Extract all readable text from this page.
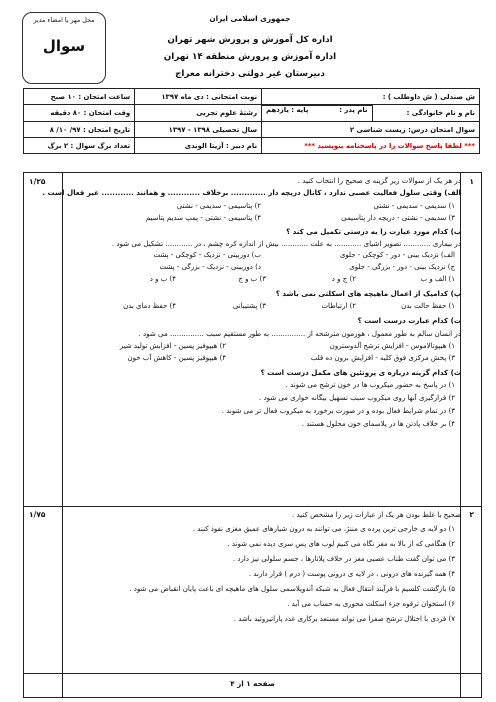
جمهوری اسلامی ایران
اداره کل آموزش و پرورش شهر تهران
اداره آموزش و پرورش منطقه ۱۴ تهران
دبیرستان غیر دولتی دخترانه معراج
محل مهر یا امضاء مدیر
سوال
ش صندلی ( ش داوطلب ) :	نوبت امتحانی : دی ماه ۱۳۹۷	ساعت امتحان : ۱۰ صبح
نام و نام خانوادگی :	
نام پدر :
پایه : یازدهم
رشتهٔ علوم تجربی	وقت امتحان : ۸۰ دقیقه
سوال امتحان درس: زیست شناسی ۲	سال تحصیلی ۱۳۹۸ - ۱۳۹۷	تاریخ امتحان : ۹۷/ ۱۰/ ۸
*** لطفا پاسخ سوالات را در پاسخنامه بنویسید ***	نام دبیر : آزیتا الوندی	تعداد برگ سوال : ۲ برگ
۱
۱/۲۵	در هر یک از سوالات زیر گزینه ی صحیح را انتخاب کنید .
الف) وقتی سلول فعالیت عصبی ندارد ، کانال دریچه دار ............. برخلاف ............ و همانند ............ غیر فعال است .
۱) سدیمی - سدیمی - نشتی
۲) پتاسیمی - سدیمی - نشتی
۳) سدیمی - نشتی - دریچه دار پتاسیمی
۴) پتاسیمی - نشتی - پمپ سدیم پتاسیم
ب) کدام مورد عبارت را به درستی تکمیل می کند ؟
در بیماری ............ تصویر اشیای ............ به علت ............ بیش از اندازه کره چشم ، در ............ تشکیل می شود .
الف) نزدیک بینی - دور - کوچکی - جلوی
ب) دوربینی - نزدیک - کوچکی - پشت
ج) نزدیک بینی - دور - بزرگی - جلوی
د) دوربینی - نزدیک - بزرگی - پشت
۱) الف و ب
۲) ج و د
۳) ب و ج
۴) ب و د
پ) کدامیک از اعمال ماهیچه های اسکلتی نمی باشد ؟
۱) حفظ حالت بدن
۲) ارتباطات
۳) پشتیبانی
۴) حفظ دمای بدن
ت) کدام عبارت درست است ؟
در انسان سالم به طور معمول ، هورمون مترشحه از ............... به طور مستقیم سبب ............... می شود .
۱) هیپوتالاموس - افزایش ترشح آلدوسترون
۲) هیپوفیز پسین - افزایش تولید شیر
۳) پخش مرکزی فوق کلیه - افزایش برون ده قلب
۴) هیپوفیز پسین - کاهش آب خون
ث) کدام گزینه درباره ی پروتئین های مکمل درست است ؟
۱) در پاسخ به حضور میکروب ها در خون ترشح می شوند .
۲) قرارگیری آنها روی میکروب سبب تسهیل بیگانه خواری می شود .
۳) در تمام شرایط فعال بوده و در صورت برخورد به میکروب فعال تر می شوند .
۴) بر خلاف پادتن ها در پلاسمای خون محلول هستند .
۲
۱/۷۵	صحیح یا غلط بودن هر یک از عبارات زیر را مشخص کنید .
۱) دو لایه ی خارجی ترین پرده ی مننژ، می توانند به درون شیارهای عمیق مغزی نفوذ کنند .
۲) هنگامی که از بالا به مغز نگاه می کنیم لوب های پس سری دیده نمی شوند .
۳) می توان گفت طناب عصبی مغز در خلاف پلانارها ، جسم سلولی نیز دارد .
۴) همه گیرنده های درونی ، در لایه ی درونی پوست ( درم ) قرار دارند .
۵) بازگشت کلسیم با فرآیند انتقال فعال به شبکه آندوپلاسمی سلول های ماهیچه ای باعث پایان انقباض می شود .
۶) استخوان ترقوه جزء اسکلت محوری به حساب می آید .
۷) فردی با اختلال ترشح صفرا می تواند مستعد برکاری غدد پاراتیروئید باشد .
صفحه ۱ از ۴
